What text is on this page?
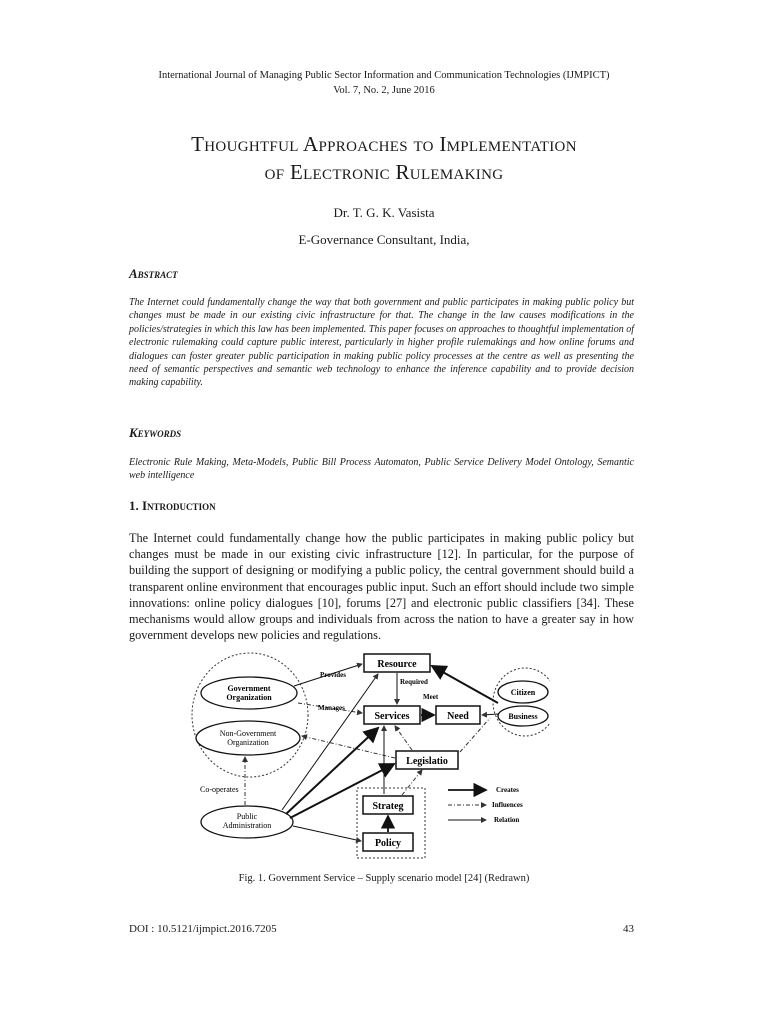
International Journal of Managing Public Sector Information and Communication Technologies (IJMPICT)
Vol. 7, No. 2, June 2016
Thoughtful Approaches to Implementation
of Electronic Rulemaking
Dr. T. G. K. Vasista
E-Governance Consultant, India,
Abstract
The Internet could fundamentally change the way that both government and public participates in making public policy but changes must be made in our existing civic infrastructure for that. The change in the law causes modifications in the policies/strategies in which this law has been implemented. This paper focuses on approaches to thoughtful implementation of electronic rulemaking could capture public interest, particularly in higher profile rulemakings and how online forums and dialogues can foster greater public participation in making public policy processes at the centre as well as presenting the need of semantic perspectives and semantic web technology to enhance the inference capability and to provide decision making capability.
Keywords
Electronic Rule Making, Meta-Models, Public Bill Process Automaton, Public Service Delivery Model Ontology, Semantic web intelligence
1. Introduction
The Internet could fundamentally change how the public participates in making public policy but changes must be made in our existing civic infrastructure [12]. In particular, for the purpose of building the support of designing or modifying a public policy, the central government should build a transparent online environment that encourages public input. Such an effort should include two simple innovations: online policy dialogues [10], forums [27] and electronic public classifiers [34]. These mechanisms would allow groups and individuals from across the nation to have a greater say in how government develops new policies and regulations.
Resource
Services	Need
Legislatio
Strateg
Policy
Government
Organization
Non-Government
Organization
Public
Administration
Citizen
Business
Provides
Manages
Required
Meet
Co-operates	Creates
Influences
Relation
Fig. 1. Government Service – Supply scenario model [24] (Redrawn)
DOI : 10.5121/ijmpict.2016.7205	43
